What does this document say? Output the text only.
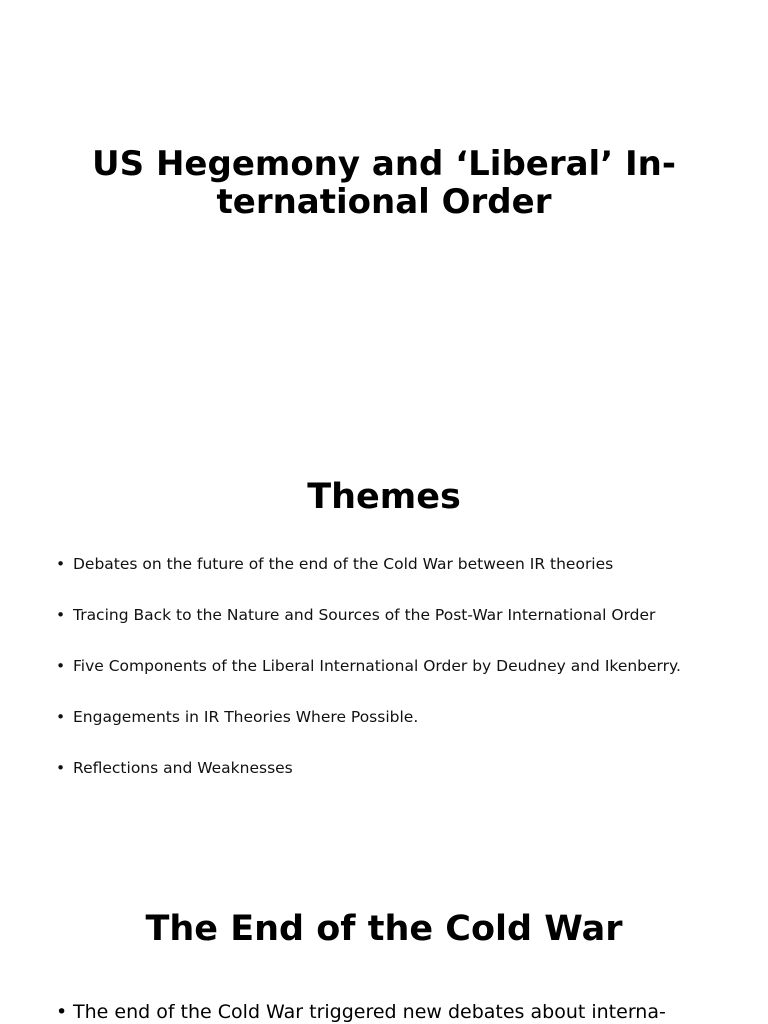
US Hegemony and ‘Liberal’ In-
ternational Order
Themes
• Debates on the future of the end of the Cold War between IR theories
• Tracing Back to the Nature and Sources of the Post-War International Order
• Five Components of the Liberal International Order by Deudney and Ikenberry.
• Engagements in IR Theories Where Possible.
• Reflections and Weaknesses
The End of the Cold War
• The end of the Cold War triggered new debates about interna-
